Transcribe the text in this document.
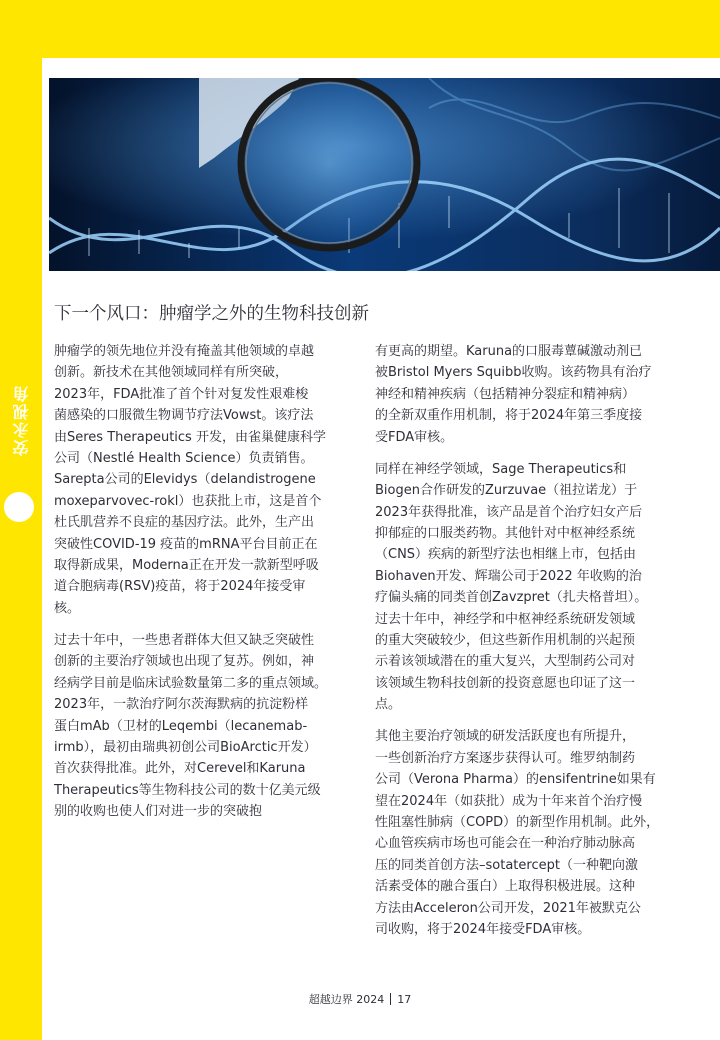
安永视角
下一个风口：肿瘤学之外的生物科技创新
肿瘤学的领先地位并没有掩盖其他领域的卓越
创新。新技术在其他领域同样有所突破，
2023年，FDA批准了首个针对复发性艰难梭
菌感染的口服微生物调节疗法Vowst。该疗法
由Seres Therapeutics 开发，由雀巢健康科学
公司（Nestlé Health Science）负责销售。
Sarepta公司的Elevidys（delandistrogene
moxeparvovec-rokl）也获批上市，这是首个
杜氏肌营养不良症的基因疗法。此外，生产出
突破性COVID-19 疫苗的mRNA平台目前正在
取得新成果，Moderna正在开发一款新型呼吸
道合胞病毒(RSV)疫苗，将于2024年接受审
核。
过去十年中，一些患者群体大但又缺乏突破性
创新的主要治疗领域也出现了复苏。例如，神
经病学目前是临床试验数量第二多的重点领域。
2023年，一款治疗阿尔茨海默病的抗淀粉样
蛋白mAb（卫材的Leqembi（lecanemab-
irmb），最初由瑞典初创公司BioArctic开发）
首次获得批准。此外，对Cerevel和Karuna
Therapeutics等生物科技公司的数十亿美元级
别的收购也使人们对进一步的突破抱
有更高的期望。Karuna的口服毒蕈碱激动剂已
被Bristol Myers Squibb收购。该药物具有治疗
神经和精神疾病（包括精神分裂症和精神病）
的全新双重作用机制，将于2024年第三季度接
受FDA审核。
同样在神经学领域，Sage Therapeutics和
Biogen合作研发的Zurzuvae（祖拉诺龙）于
2023年获得批准，该产品是首个治疗妇女产后
抑郁症的口服类药物。其他针对中枢神经系统
（CNS）疾病的新型疗法也相继上市，包括由
Biohaven开发、辉瑞公司于2022 年收购的治
疗偏头痛的同类首创Zavzpret（扎夫格普坦）。
过去十年中，神经学和中枢神经系统研发领域
的重大突破较少，但这些新作用机制的兴起预
示着该领域潜在的重大复兴，大型制药公司对
该领域生物科技创新的投资意愿也印证了这一
点。
其他主要治疗领域的研发活跃度也有所提升，
一些创新治疗方案逐步获得认可。维罗纳制药
公司（Verona Pharma）的ensifentrine如果有
望在2024年（如获批）成为十年来首个治疗慢
性阻塞性肺病（COPD）的新型作用机制。此外，
心血管疾病市场也可能会在一种治疗肺动脉高
压的同类首创方法–sotatercept（一种靶向激
活素受体的融合蛋白）上取得积极进展。这种
方法由Acceleron公司开发，2021年被默克公
司收购，将于2024年接受FDA审核。
超越边界 2024 17
